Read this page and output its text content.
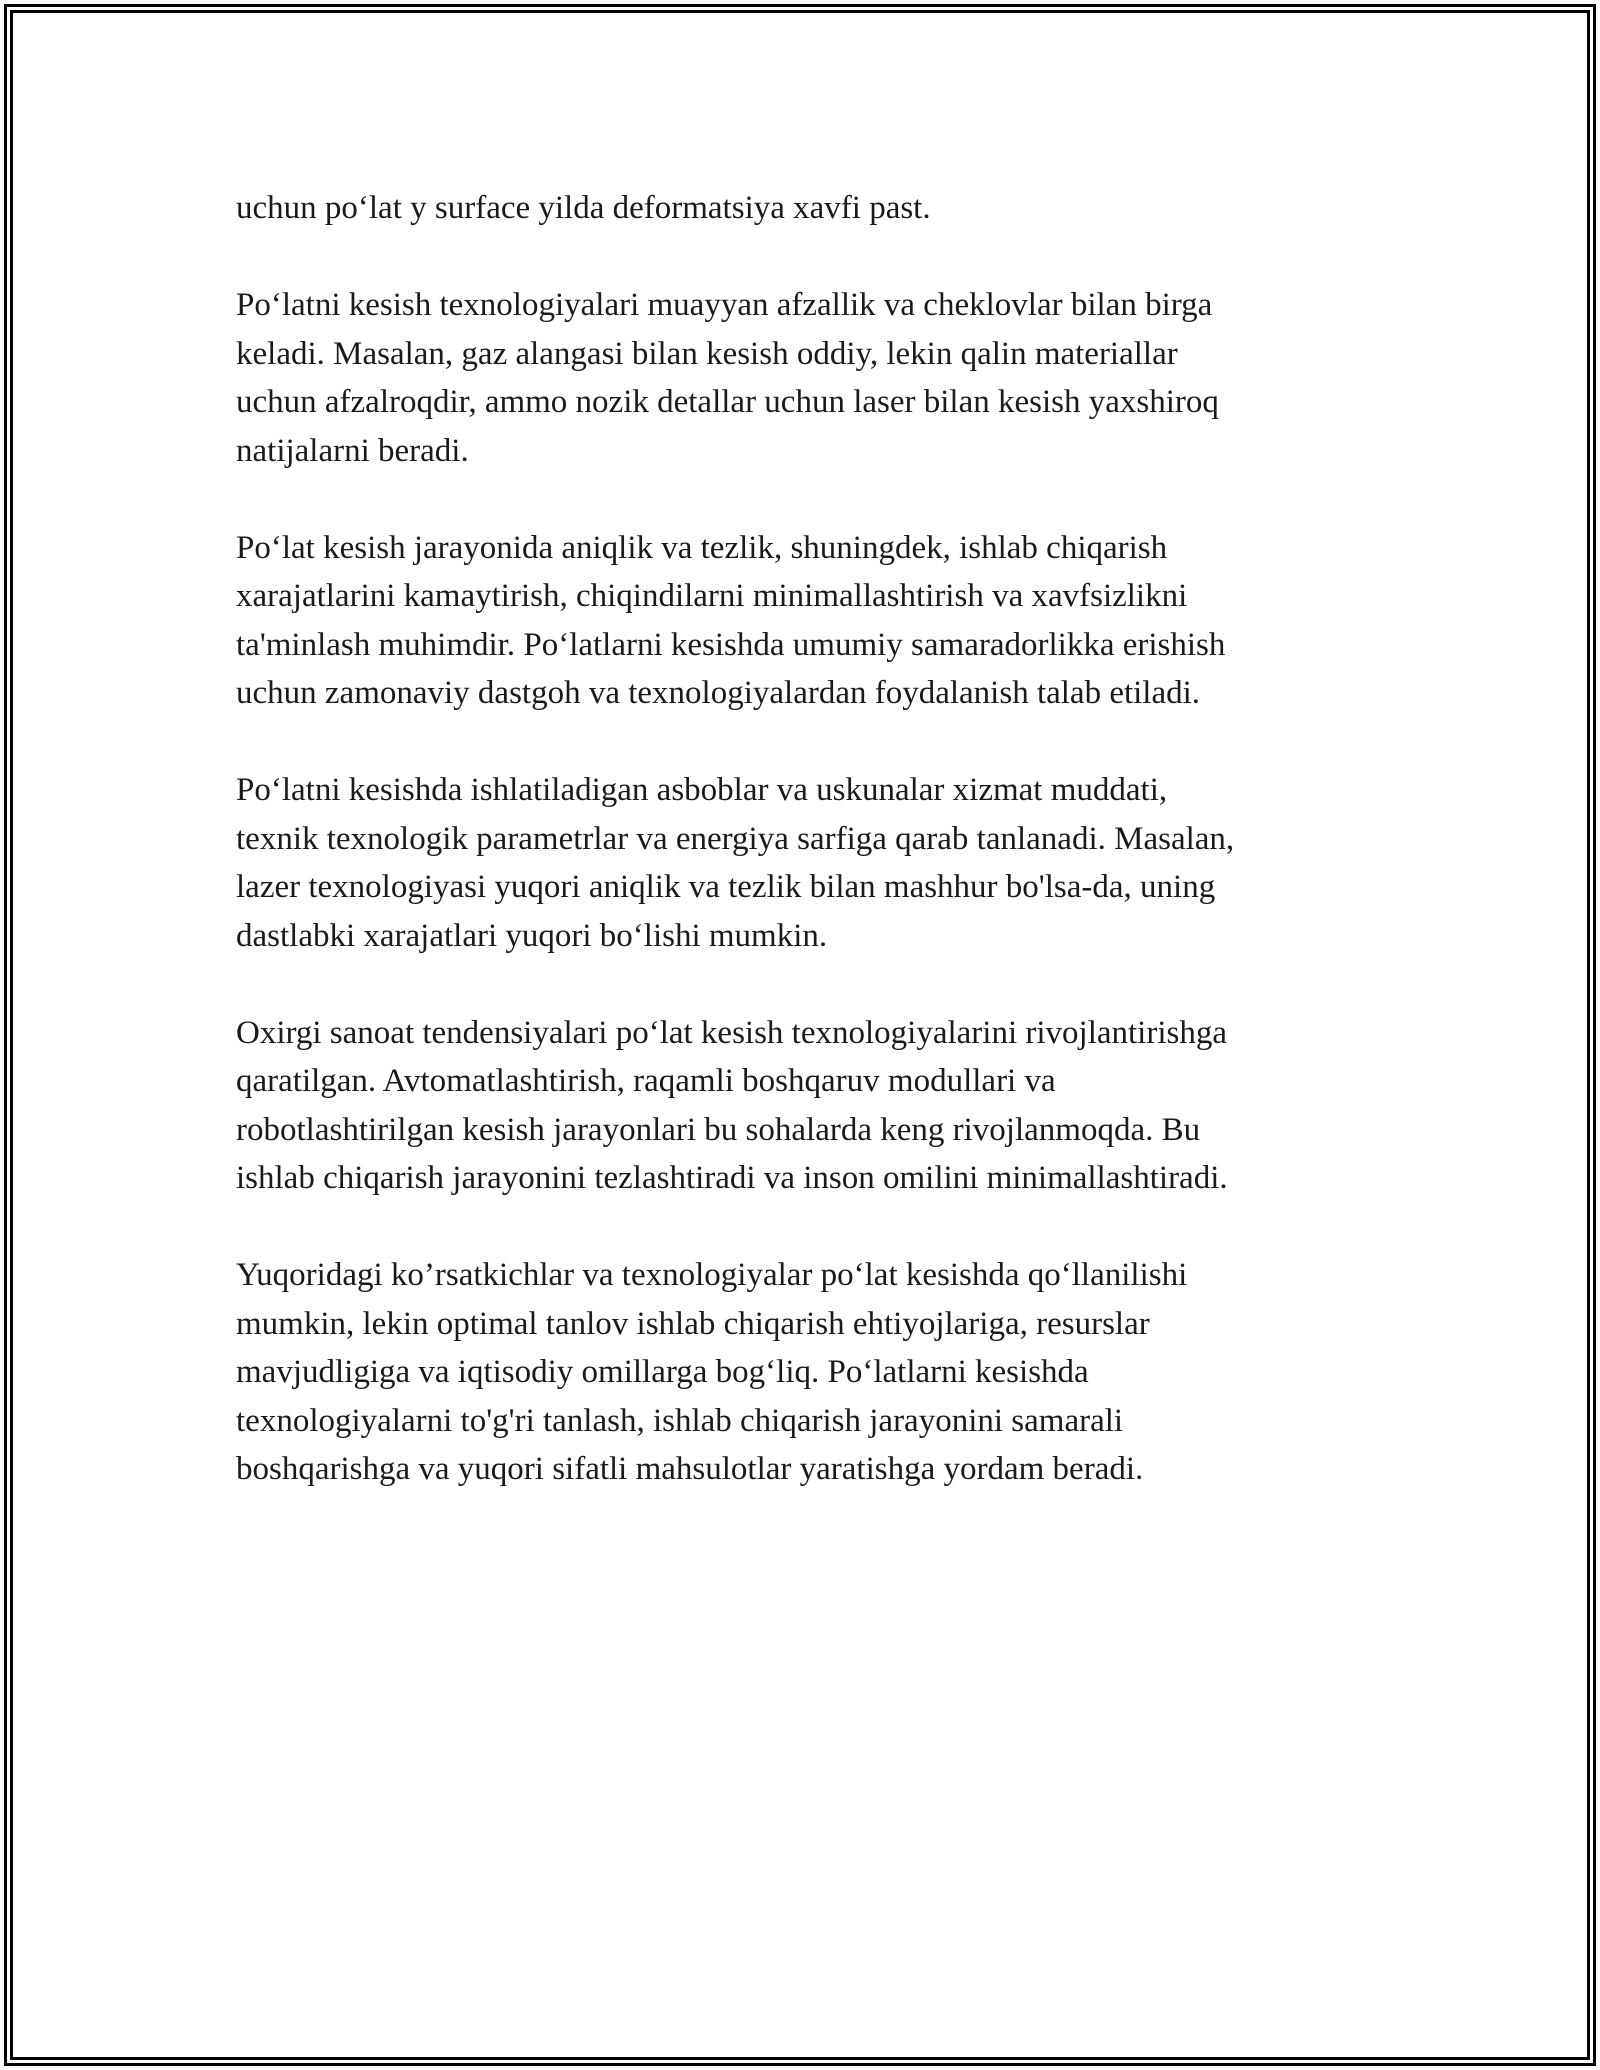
uchun po‘lat y surface yilda deformatsiya xavfi past.

Po‘latni kesish texnologiyalari muayyan afzallik va cheklovlar bilan birga
keladi. Masalan, gaz alangasi bilan kesish oddiy, lekin qalin materiallar
uchun afzalroqdir, ammo nozik detallar uchun laser bilan kesish yaxshiroq
natijalarni beradi.

Po‘lat kesish jarayonida aniqlik va tezlik, shuningdek, ishlab chiqarish
xarajatlarini kamaytirish, chiqindilarni minimallashtirish va xavfsizlikni
ta'minlash muhimdir. Po‘latlarni kesishda umumiy samaradorlikka erishish
uchun zamonaviy dastgoh va texnologiyalardan foydalanish talab etiladi.

Po‘latni kesishda ishlatiladigan asboblar va uskunalar xizmat muddati,
texnik texnologik parametrlar va energiya sarfiga qarab tanlanadi. Masalan,
lazer texnologiyasi yuqori aniqlik va tezlik bilan mashhur bo'lsa-da, uning
dastlabki xarajatlari yuqori bo‘lishi mumkin.

Oxirgi sanoat tendensiyalari po‘lat kesish texnologiyalarini rivojlantirishga
qaratilgan. Avtomatlashtirish, raqamli boshqaruv modullari va
robotlashtirilgan kesish jarayonlari bu sohalarda keng rivojlanmoqda. Bu
ishlab chiqarish jarayonini tezlashtiradi va inson omilini minimallashtiradi.

Yuqoridagi ko’rsatkichlar va texnologiyalar po‘lat kesishda qo‘llanilishi
mumkin, lekin optimal tanlov ishlab chiqarish ehtiyojlariga, resurslar
mavjudligiga va iqtisodiy omillarga bog‘liq. Po‘latlarni kesishda
texnologiyalarni to'g'ri tanlash, ishlab chiqarish jarayonini samarali
boshqarishga va yuqori sifatli mahsulotlar yaratishga yordam beradi.
